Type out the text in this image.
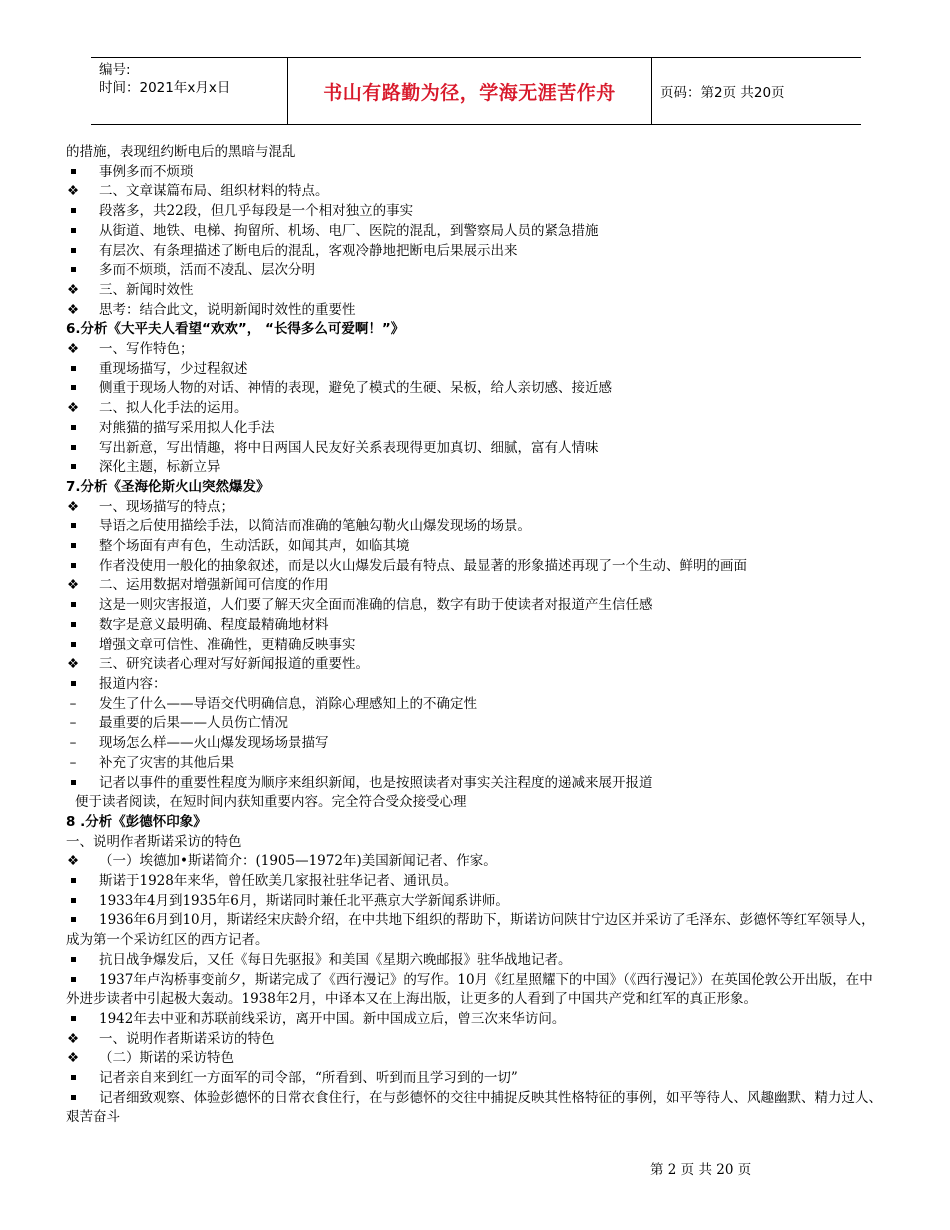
编号:
时间：2021年x月x日	书山有路勤为径，学海无涯苦作舟	页码：第2页 共20页
的措施，表现纽约断电后的黑暗与混乱
事例多而不烦琐
❖	二、文章谋篇布局、组织材料的特点。
段落多，共22段，但几乎每段是一个相对独立的事实
从街道、地铁、电梯、拘留所、机场、电厂、医院的混乱，到警察局人员的紧急措施
有层次、有条理描述了断电后的混乱，客观冷静地把断电后果展示出来
多而不烦琐，活而不凌乱、层次分明
❖	三、新闻时效性
❖	思考：结合此文，说明新闻时效性的重要性
6.分析《大平夫人看望“欢欢”， “长得多么可爱啊！”》
❖	一、写作特色；
重现场描写，少过程叙述
侧重于现场人物的对话、神情的表现，避免了模式的生硬、呆板，给人亲切感、接近感
❖	二、拟人化手法的运用。
对熊猫的描写采用拟人化手法
写出新意，写出情趣，将中日两国人民友好关系表现得更加真切、细腻，富有人情味
深化主题，标新立异
7.分析《圣海伦斯火山突然爆发》
❖	一、现场描写的特点；
导语之后使用描绘手法，以简洁而准确的笔触勾勒火山爆发现场的场景。
整个场面有声有色，生动活跃，如闻其声，如临其境
作者没使用一般化的抽象叙述，而是以火山爆发后最有特点、最显著的形象描述再现了一个生动、鲜明的画面
❖	二、运用数据对增强新闻可信度的作用
这是一则灾害报道，人们要了解天灾全面而准确的信息，数字有助于使读者对报道产生信任感
数字是意义最明确、程度最精确地材料
增强文章可信性、准确性，更精确反映事实
❖	三、研究读者心理对写好新闻报道的重要性。
报道内容：
–	发生了什么——导语交代明确信息，消除心理感知上的不确定性
–	最重要的后果——人员伤亡情况
–	现场怎么样——火山爆发现场场景描写
–	补充了灾害的其他后果
记者以事件的重要性程度为顺序来组织新闻，也是按照读者对事实关注程度的递减来展开报道
便于读者阅读，在短时间内获知重要内容。完全符合受众接受心理
8 .分析《彭德怀印象》
一、说明作者斯诺采访的特色
❖	（一）埃德加•斯诺简介：(1905—1972年)美国新闻记者、作家。
斯诺于1928年来华，曾任欧美几家报社驻华记者、通讯员。
1933年4月到1935年6月，斯诺同时兼任北平燕京大学新闻系讲师。
1936年6月到10月，斯诺经宋庆龄介绍，在中共地下组织的帮助下，斯诺访问陕甘宁边区并采访了毛泽东、彭德怀等红军领导人，成为第一个采访红区的西方记者。
抗日战争爆发后，又任《每日先驱报》和美国《星期六晚邮报》驻华战地记者。
1937年卢沟桥事变前夕，斯诺完成了《西行漫记》的写作。10月《红星照耀下的中国》（《西行漫记》）在英国伦敦公开出版，在中外进步读者中引起极大轰动。1938年2月，中译本又在上海出版，让更多的人看到了中国共产党和红军的真正形象。
1942年去中亚和苏联前线采访，离开中国。新中国成立后，曾三次来华访问。
❖	一、说明作者斯诺采访的特色
❖	（二）斯诺的采访特色
记者亲自来到红一方面军的司令部，“所看到、听到而且学习到的一切”
记者细致观察、体验彭德怀的日常衣食住行，在与彭德怀的交往中捕捉反映其性格特征的事例，如平等待人、风趣幽默、精力过人、艰苦奋斗
第 2 页 共 20 页
